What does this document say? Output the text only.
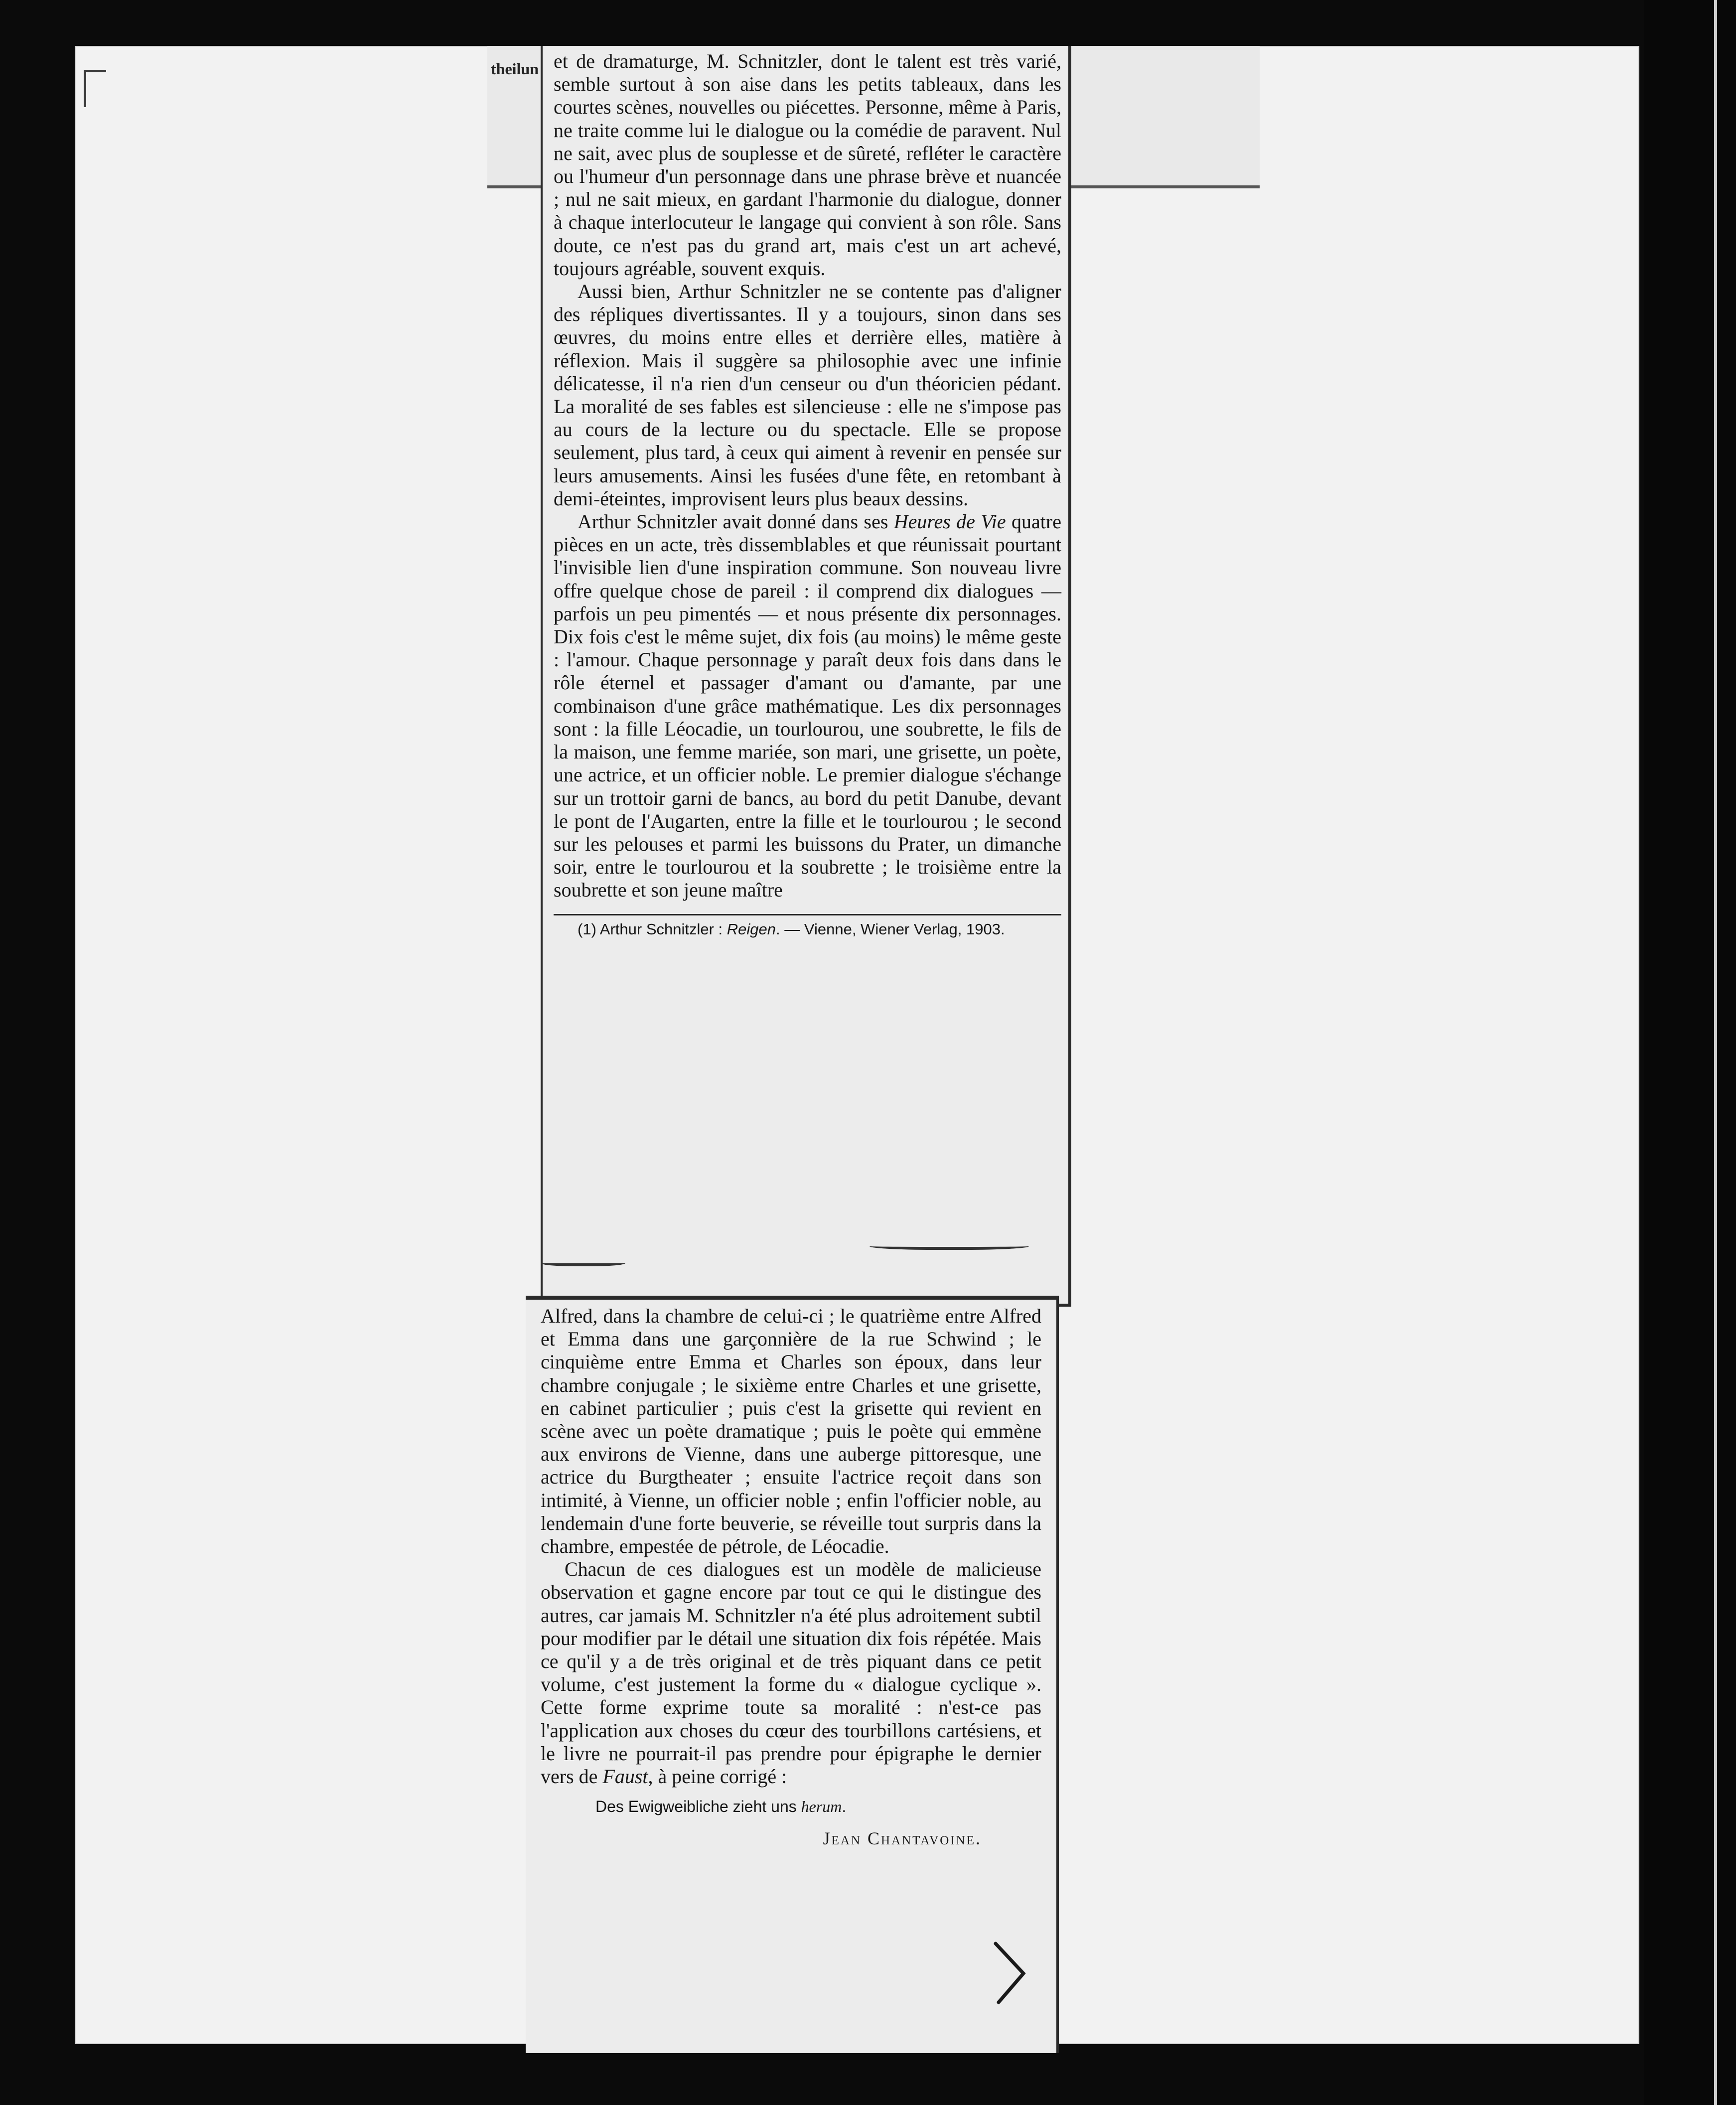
theilun et de dramaturge, M. Schnitzler, dont le talent est très varié, semble surtout à son aise dans les petits tableaux, dans les courtes scènes, nouvelles ou piécettes. Personne, même à Paris, ne traite comme lui le dialogue ou la comédie de paravent. Nul ne sait, avec plus de souplesse et de sûreté, refléter le caractère ou l'humeur d'un personnage dans une phrase brève et nuancée ; nul ne sait mieux, en gardant l'harmonie du dialogue, donner à chaque interlocuteur le langage qui convient à son rôle. Sans doute, ce n'est pas du grand art, mais c'est un art achevé, toujours agréable, souvent exquis.

Aussi bien, Arthur Schnitzler ne se contente pas d'aligner des répliques divertissantes. Il y a toujours, sinon dans ses œuvres, du moins entre elles et derrière elles, matière à réflexion. Mais il suggère sa philosophie avec une infinie délicatesse, il n'a rien d'un censeur ou d'un théoricien pédant. La moralité de ses fables est silencieuse : elle ne s'impose pas au cours de la lecture ou du spectacle. Elle se propose seulement, plus tard, à ceux qui aiment à revenir en pensée sur leurs amusements. Ainsi les fusées d'une fête, en retombant à demi-éteintes, improvisent leurs plus beaux dessins.

Arthur Schnitzler avait donné dans ses Heures de Vie quatre pièces en un acte, très dissemblables et que réunissait pourtant l'invisible lien d'une inspiration commune. Son nouveau livre offre quelque chose de pareil : il comprend dix dialogues — parfois un peu pimentés — et nous présente dix personnages. Dix fois c'est le même sujet, dix fois (au moins) le même geste : l'amour. Chaque personnage y paraît deux fois dans dans le rôle éternel et passager d'amant ou d'amante, par une combinaison d'une grâce mathématique. Les dix personnages sont : la fille Léocadie, un tourlourou, une soubrette, le fils de la maison, une femme mariée, son mari, une grisette, un poète, une actrice, et un officier noble. Le premier dialogue s'échange sur un trottoir garni de bancs, au bord du petit Danube, devant le pont de l'Augarten, entre la fille et le tourlourou ; le second sur les pelouses et parmi les buissons du Prater, un dimanche soir, entre le tourlourou et la soubrette ; le troisième entre la soubrette et son jeune maître

(1) Arthur Schnitzler : Reigen. — Vienne, Wiener Verlag, 1903.

Alfred, dans la chambre de celui-ci ; le quatrième entre Alfred et Emma dans une garçonnière de la rue Schwind ; le cinquième entre Emma et Charles son époux, dans leur chambre conjugale ; le sixième entre Charles et une grisette, en cabinet particulier ; puis c'est la grisette qui revient en scène avec un poète dramatique ; puis le poète qui emmène aux environs de Vienne, dans une auberge pittoresque, une actrice du Burgtheater ; ensuite l'actrice reçoit dans son intimité, à Vienne, un officier noble ; enfin l'officier noble, au lendemain d'une forte beuverie, se réveille tout surpris dans la chambre, empestée de pétrole, de Léocadie.

Chacun de ces dialogues est un modèle de malicieuse observation et gagne encore par tout ce qui le distingue des autres, car jamais M. Schnitzler n'a été plus adroitement subtil pour modifier par le détail une situation dix fois répétée. Mais ce qu'il y a de très original et de très piquant dans ce petit volume, c'est justement la forme du « dialogue cyclique ». Cette forme exprime toute sa moralité : n'est-ce pas l'application aux choses du cœur des tourbillons cartésiens, et le livre ne pourrait-il pas prendre pour épigraphe le dernier vers de Faust, à peine corrigé :

Des Ewigweibliche zieht uns herum.

Jean Chantavoine.
